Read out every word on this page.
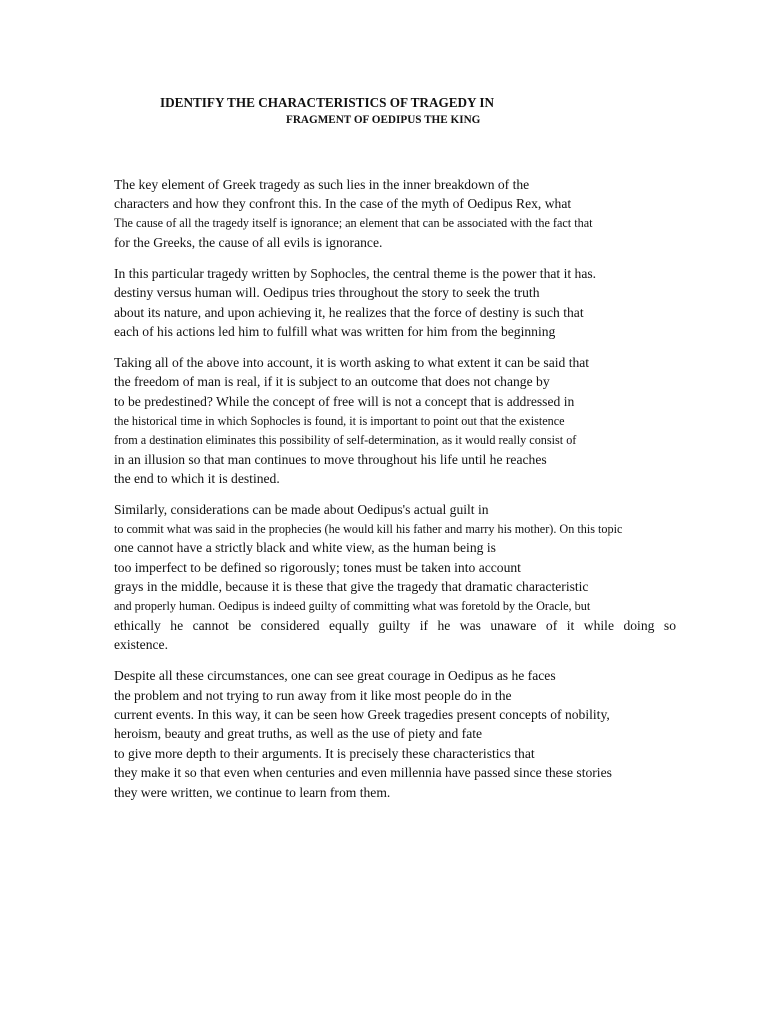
IDENTIFY THE CHARACTERISTICS OF TRAGEDY IN
FRAGMENT OF OEDIPUS THE KING
The key element of Greek tragedy as such lies in the inner breakdown of the
characters and how they confront this. In the case of the myth of Oedipus Rex, what
The cause of all the tragedy itself is ignorance; an element that can be associated with the fact that
for the Greeks, the cause of all evils is ignorance.
In this particular tragedy written by Sophocles, the central theme is the power that it has.
destiny versus human will. Oedipus tries throughout the story to seek the truth
about its nature, and upon achieving it, he realizes that the force of destiny is such that
each of his actions led him to fulfill what was written for him from the beginning
Taking all of the above into account, it is worth asking to what extent it can be said that
the freedom of man is real, if it is subject to an outcome that does not change by
to be predestined? While the concept of free will is not a concept that is addressed in
the historical time in which Sophocles is found, it is important to point out that the existence
from a destination eliminates this possibility of self-determination, as it would really consist of
in an illusion so that man continues to move throughout his life until he reaches
the end to which it is destined.
Similarly, considerations can be made about Oedipus's actual guilt in
to commit what was said in the prophecies (he would kill his father and marry his mother). On this topic
one cannot have a strictly black and white view, as the human being is
too imperfect to be defined so rigorously; tones must be taken into account
grays in the middle, because it is these that give the tragedy that dramatic characteristic
and properly human. Oedipus is indeed guilty of committing what was foretold by the Oracle, but
ethically he cannot be considered equally guilty if he was unaware of it while doing so
existence.
Despite all these circumstances, one can see great courage in Oedipus as he faces
the problem and not trying to run away from it like most people do in the
current events. In this way, it can be seen how Greek tragedies present concepts of nobility,
heroism, beauty and great truths, as well as the use of piety and fate
to give more depth to their arguments. It is precisely these characteristics that
they make it so that even when centuries and even millennia have passed since these stories
they were written, we continue to learn from them.
